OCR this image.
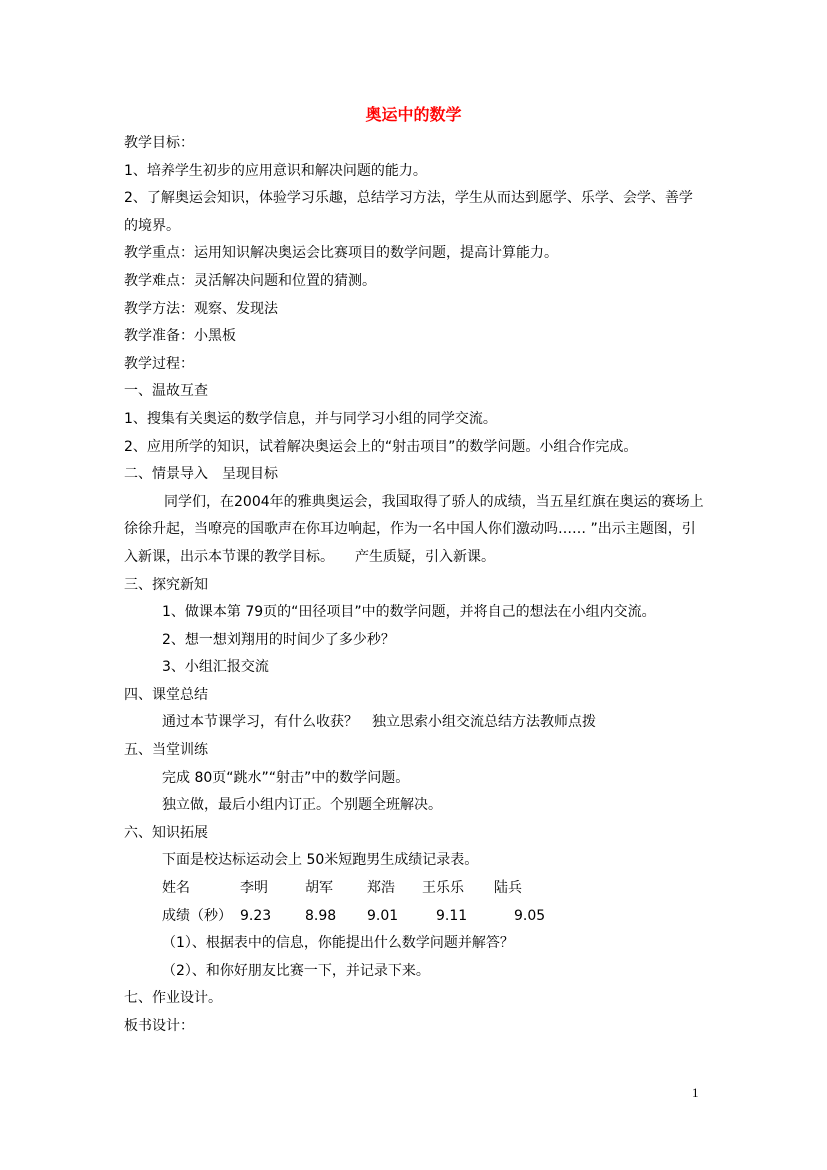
奥运中的数学

教学目标：

1、培养学生初步的应用意识和解决问题的能力。

2、了解奥运会知识，体验学习乐趣，总结学习方法，学生从而达到愿学、乐学、会学、善学的境界。

教学重点：运用知识解决奥运会比赛项目的数学问题，提高计算能力。

教学难点：灵活解决问题和位置的猜测。

教学方法：观察、发现法

教学准备：小黑板

教学过程：

一、温故互查

1、搜集有关奥运的数学信息，并与同学习小组的同学交流。

2、应用所学的知识，试着解决奥运会上的“射击项目”的数学问题。小组合作完成。

二、情景导入　呈现目标

同学们，在2004年的雅典奥运会，我国取得了骄人的成绩，当五星红旗在奥运的赛场上徐徐升起，当嘹亮的国歌声在你耳边响起，作为一名中国人你们激动吗…… ”出示主题图，引入新课，出示本节课的教学目标。　　产生质疑，引入新课。

三、探究新知

1、做课本第 79页的“田径项目”中的数学问题，并将自己的想法在小组内交流。

2、想一想刘翔用的时间少了多少秒？

3、小组汇报交流

四、课堂总结

通过本节课学习，有什么收获？　独立思索小组交流总结方法教师点拨

五、当堂训练

完成 80页“跳水”“射击”中的数学问题。

独立做，最后小组内订正。个别题全班解决。

六、知识拓展

下面是校达标运动会上 50米短跑男生成绩记录表。

姓名	李明	胡军	郑浩	王乐乐	陆兵
成绩（秒）	9.23	8.98	9.01	9.11	9.05

（1）、根据表中的信息，你能提出什么数学问题并解答？

（2）、和你好朋友比赛一下，并记录下来。

七、作业设计。

板书设计：

1
